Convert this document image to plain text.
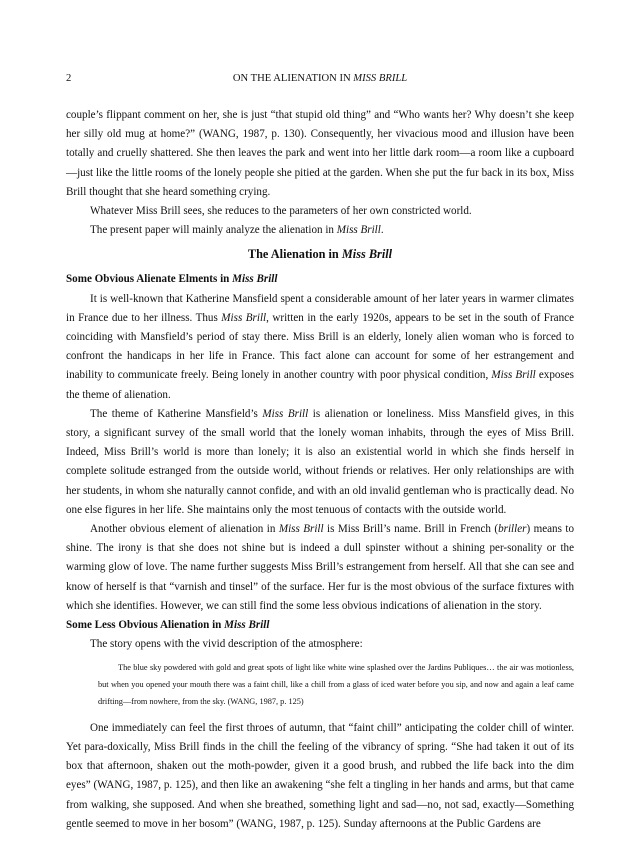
2	ON THE ALIENATION IN MISS BRILL

couple’s flippant comment on her, she is just “that stupid old thing” and “Who wants her? Why doesn’t she keep her silly old mug at home?” (WANG, 1987, p. 130). Consequently, her vivacious mood and illusion have been totally and cruelly shattered. She then leaves the park and went into her little dark room—a room like a cupboard—just like the little rooms of the lonely people she pitied at the garden. When she put the fur back in its box, Miss Brill thought that she heard something crying.

Whatever Miss Brill sees, she reduces to the parameters of her own constricted world.

The present paper will mainly analyze the alienation in Miss Brill.

The Alienation in Miss Brill
Some Obvious Alienate Elments in Miss Brill

It is well-known that Katherine Mansfield spent a considerable amount of her later years in warmer climates in France due to her illness. Thus Miss Brill, written in the early 1920s, appears to be set in the south of France coinciding with Mansfield’s period of stay there. Miss Brill is an elderly, lonely alien woman who is forced to confront the handicaps in her life in France. This fact alone can account for some of her estrangement and inability to communicate freely. Being lonely in another country with poor physical condition, Miss Brill exposes the theme of alienation.

The theme of Katherine Mansfield’s Miss Brill is alienation or loneliness. Miss Mansfield gives, in this story, a significant survey of the small world that the lonely woman inhabits, through the eyes of Miss Brill. Indeed, Miss Brill’s world is more than lonely; it is also an existential world in which she finds herself in complete solitude estranged from the outside world, without friends or relatives. Her only relationships are with her students, in whom she naturally cannot confide, and with an old invalid gentleman who is practically dead. No one else figures in her life. She maintains only the most tenuous of contacts with the outside world.

Another obvious element of alienation in Miss Brill is Miss Brill’s name. Brill in French (briller) means to shine. The irony is that she does not shine but is indeed a dull spinster without a shining per-sonality or the warming glow of love. The name further suggests Miss Brill’s estrangement from herself. All that she can see and know of herself is that “varnish and tinsel” of the surface. Her fur is the most obvious of the surface fixtures with which she identifies. However, we can still find the some less obvious indications of alienation in the story.

Some Less Obvious Alienation in Miss Brill

The story opens with the vivid description of the atmosphere:

The blue sky powdered with gold and great spots of light like white wine splashed over the Jardins Publiques… the air was motionless, but when you opened your mouth there was a faint chill, like a chill from a glass of iced water before you sip, and now and again a leaf came drifting—from nowhere, from the sky. (WANG, 1987, p. 125)

One immediately can feel the first throes of autumn, that “faint chill” anticipating the colder chill of winter. Yet para-doxically, Miss Brill finds in the chill the feeling of the vibrancy of spring. “She had taken it out of its box that afternoon, shaken out the moth-powder, given it a good brush, and rubbed the life back into the dim eyes” (WANG, 1987, p. 125), and then like an awakening “she felt a tingling in her hands and arms, but that came from walking, she supposed. And when she breathed, something light and sad—no, not sad, exactly—Something gentle seemed to move in her bosom” (WANG, 1987, p. 125). Sunday afternoons at the Public Gardens are
